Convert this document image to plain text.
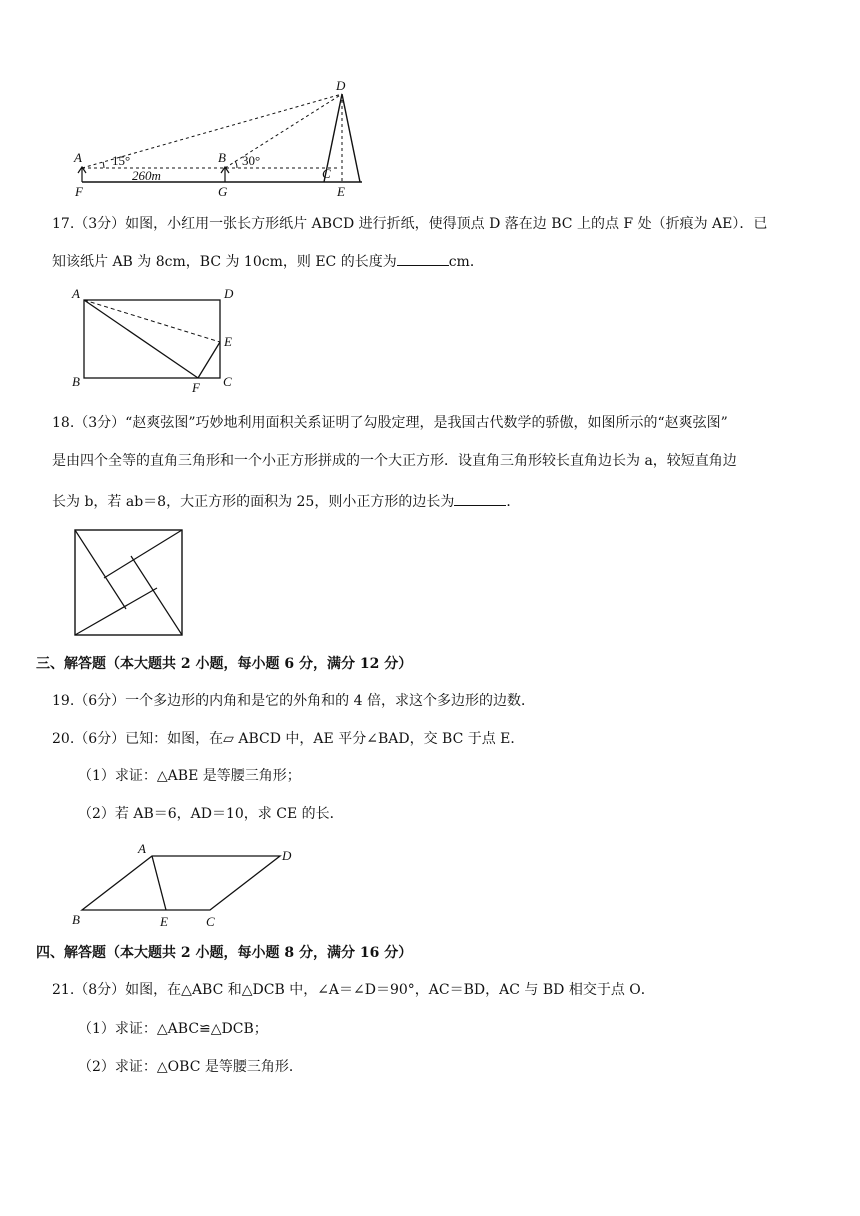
D
A	B
F	G
C
E
15°	30°
260m
17.（3分）如图，小红用一张长方形纸片 ABCD 进行折纸，使得顶点 D 落在边 BC 上的点 F 处（折痕为 AE）．已
知该纸片 AB 为 8cm，BC 为 10cm，则 EC 的长度为	cm．
A	D
E
B	F C
18.（3分）“赵爽弦图”巧妙地利用面积关系证明了勾股定理，是我国古代数学的骄傲，如图所示的“赵爽弦图”
是由四个全等的直角三角形和一个小正方形拼成的一个大正方形．设直角三角形较长直角边长为 a，较短直角边
长为 b，若 ab＝8，大正方形的面积为 25，则小正方形的边长为	．
三、解答题（本大题共 2 小题，每小题 6 分，满分 12 分）
19.（6分）一个多边形的内角和是它的外角和的 4 倍，求这个多边形的边数．
20.（6分）已知：如图，在▱ ABCD 中，AE 平分∠BAD，交 BC 于点 E．
（1）求证：△ABE 是等腰三角形；
（2）若 AB＝6，AD＝10，求 CE 的长．
A	D
B	E	C
四、解答题（本大题共 2 小题，每小题 8 分，满分 16 分）
21.（8分）如图，在△ABC 和△DCB 中，∠A＝∠D＝90°，AC＝BD，AC 与 BD 相交于点 O．
（1）求证：△ABC≌△DCB；
（2）求证：△OBC 是等腰三角形．
